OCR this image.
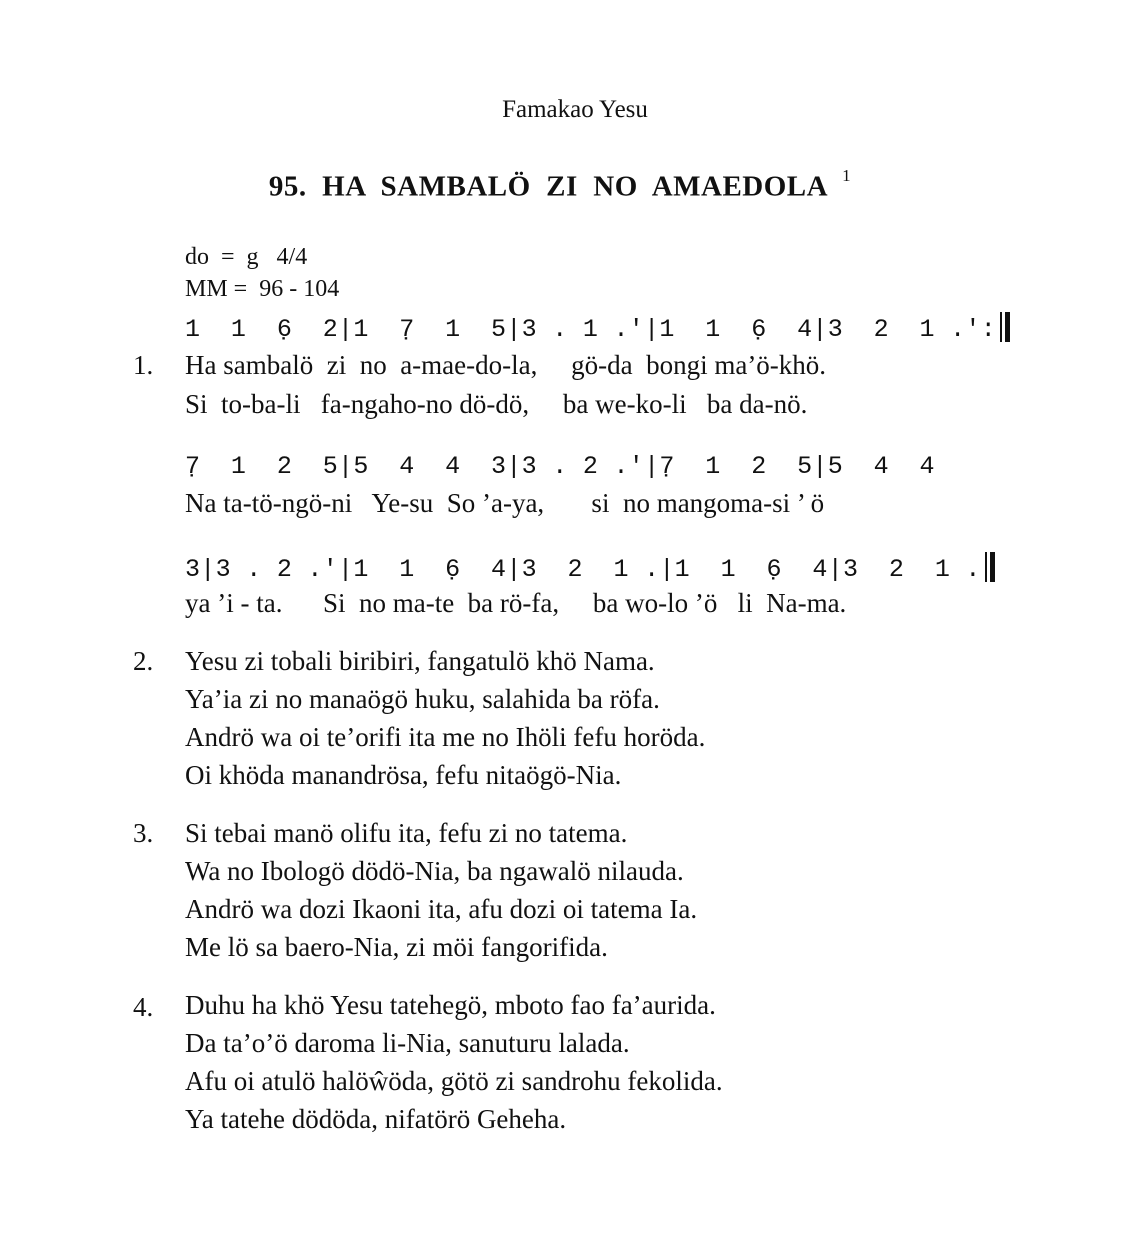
Famakao Yesu
95.  HA  SAMBALÖ  ZI  NO  AMAEDOLA $^1$
do  =  g   4/4
MM =  96 - 104
1  1  6̣  2|1  7̣  1  5|3 . 1 .'|1  1  6̣  4|3  2  1 .':
1. Ha sambalö  zi  no  a-mae-do-la,     gö-da  bongi ma’ö-khö.
Si  to-ba-li   fa-ngaho-no dö-dö,     ba we-ko-li   ba da-nö.
7̣  1  2  5|5  4  4  3|3 . 2 .'|7̣  1  2  5|5  4  4
Na ta-tö-ngö-ni   Ye-su  So ’a-ya,       si  no mangoma-si ’ ö
3|3 . 2 .'|1  1  6̣  4|3  2  1 .|1  1  6̣  4|3  2  1 .
ya ’i - ta.      Si  no ma-te  ba rö-fa,     ba wo-lo ’ö   li  Na-ma.
2. Yesu zi tobali biribiri, fangatulö khö Nama.
Ya’ia zi no manaögö huku, salahida ba röfa.
Andrö wa oi te’orifi ita me no Ihöli fefu horöda.
Oi khöda manandrösa, fefu nitaögö-Nia.
3. Si tebai manö olifu ita, fefu zi no tatema.
Wa no Ibologö dödö-Nia, ba ngawalö nilauda.
Andrö wa dozi Ikaoni ita, afu dozi oi tatema Ia.
Me lö sa baero-Nia, zi möi fangorifida.
4. Duhu ha khö Yesu tatehegö, mboto fao fa’aurida.
Da ta’o’ö daroma li-Nia, sanuturu lalada.
Afu oi atulö halöŵöda, götö zi sandrohu fekolida.
Ya tatehe dödöda, nifatörö Geheha.
